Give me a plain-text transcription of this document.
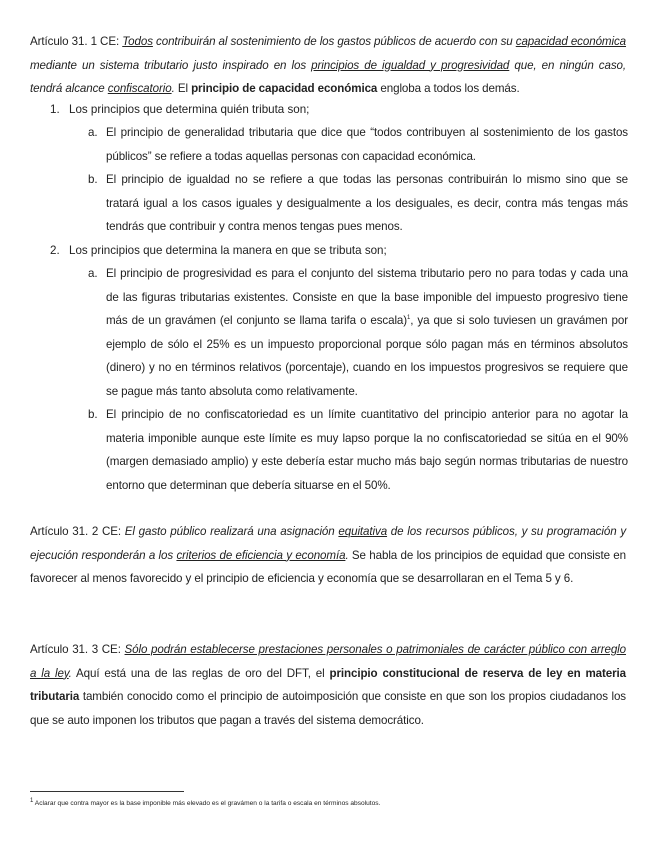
Artículo 31. 1 CE: Todos contribuirán al sostenimiento de los gastos públicos de acuerdo con su capacidad económica mediante un sistema tributario justo inspirado en los principios de igualdad y progresividad que, en ningún caso, tendrá alcance confiscatorio. El principio de capacidad económica engloba a todos los demás.

1. Los principios que determina quién tributa son;

a. El principio de generalidad tributaria que dice que “todos contribuyen al sostenimiento de los gastos públicos” se refiere a todas aquellas personas con capacidad económica.
b. El principio de igualdad no se refiere a que todas las personas contribuirán lo mismo sino que se tratará igual a los casos iguales y desigualmente a los desiguales, es decir, contra más tengas más tendrás que contribuir y contra menos tengas pues menos.

2. Los principios que determina la manera en que se tributa son;

a. El principio de progresividad es para el conjunto del sistema tributario pero no para todas y cada una de las figuras tributarias existentes. Consiste en que la base imponible del impuesto progresivo tiene más de un gravámen (el conjunto se llama tarifa o escala)$^1$, ya que si solo tuviesen un gravámen por ejemplo de sólo el 25% es un impuesto proporcional porque sólo pagan más en términos absolutos (dinero) y no en términos relativos (porcentaje), cuando en los impuestos progresivos se requiere que se pague más tanto absoluta como relativamente.
b. El principio de no confiscatoriedad es un límite cuantitativo del principio anterior para no agotar la materia imponible aunque este límite es muy lapso porque la no confiscatoriedad se sitúa en el 90% (margen demasiado amplio) y este debería estar mucho más bajo según normas tributarias de nuestro entorno que determinan que debería situarse en el 50%.

Artículo 31. 2 CE: El gasto público realizará una asignación equitativa de los recursos públicos, y su programación y ejecución responderán a los criterios de eficiencia y economía. Se habla de los principios de equidad que consiste en favorecer al menos favorecido y el principio de eficiencia y economía que se desarrollaran en el Tema 5 y 6.

Artículo 31. 3 CE: Sólo podrán establecerse prestaciones personales o patrimoniales de carácter público con arreglo a la ley. Aquí está una de las reglas de oro del DFT, el principio constitucional de reserva de ley en materia tributaria también conocido como el principio de autoimposición que consiste en que son los propios ciudadanos los que se auto imponen los tributos que pagan a través del sistema democrático.

$^1$ Aclarar que contra mayor es la base imponible más elevado es el gravámen o la tarifa o escala en términos absolutos.
